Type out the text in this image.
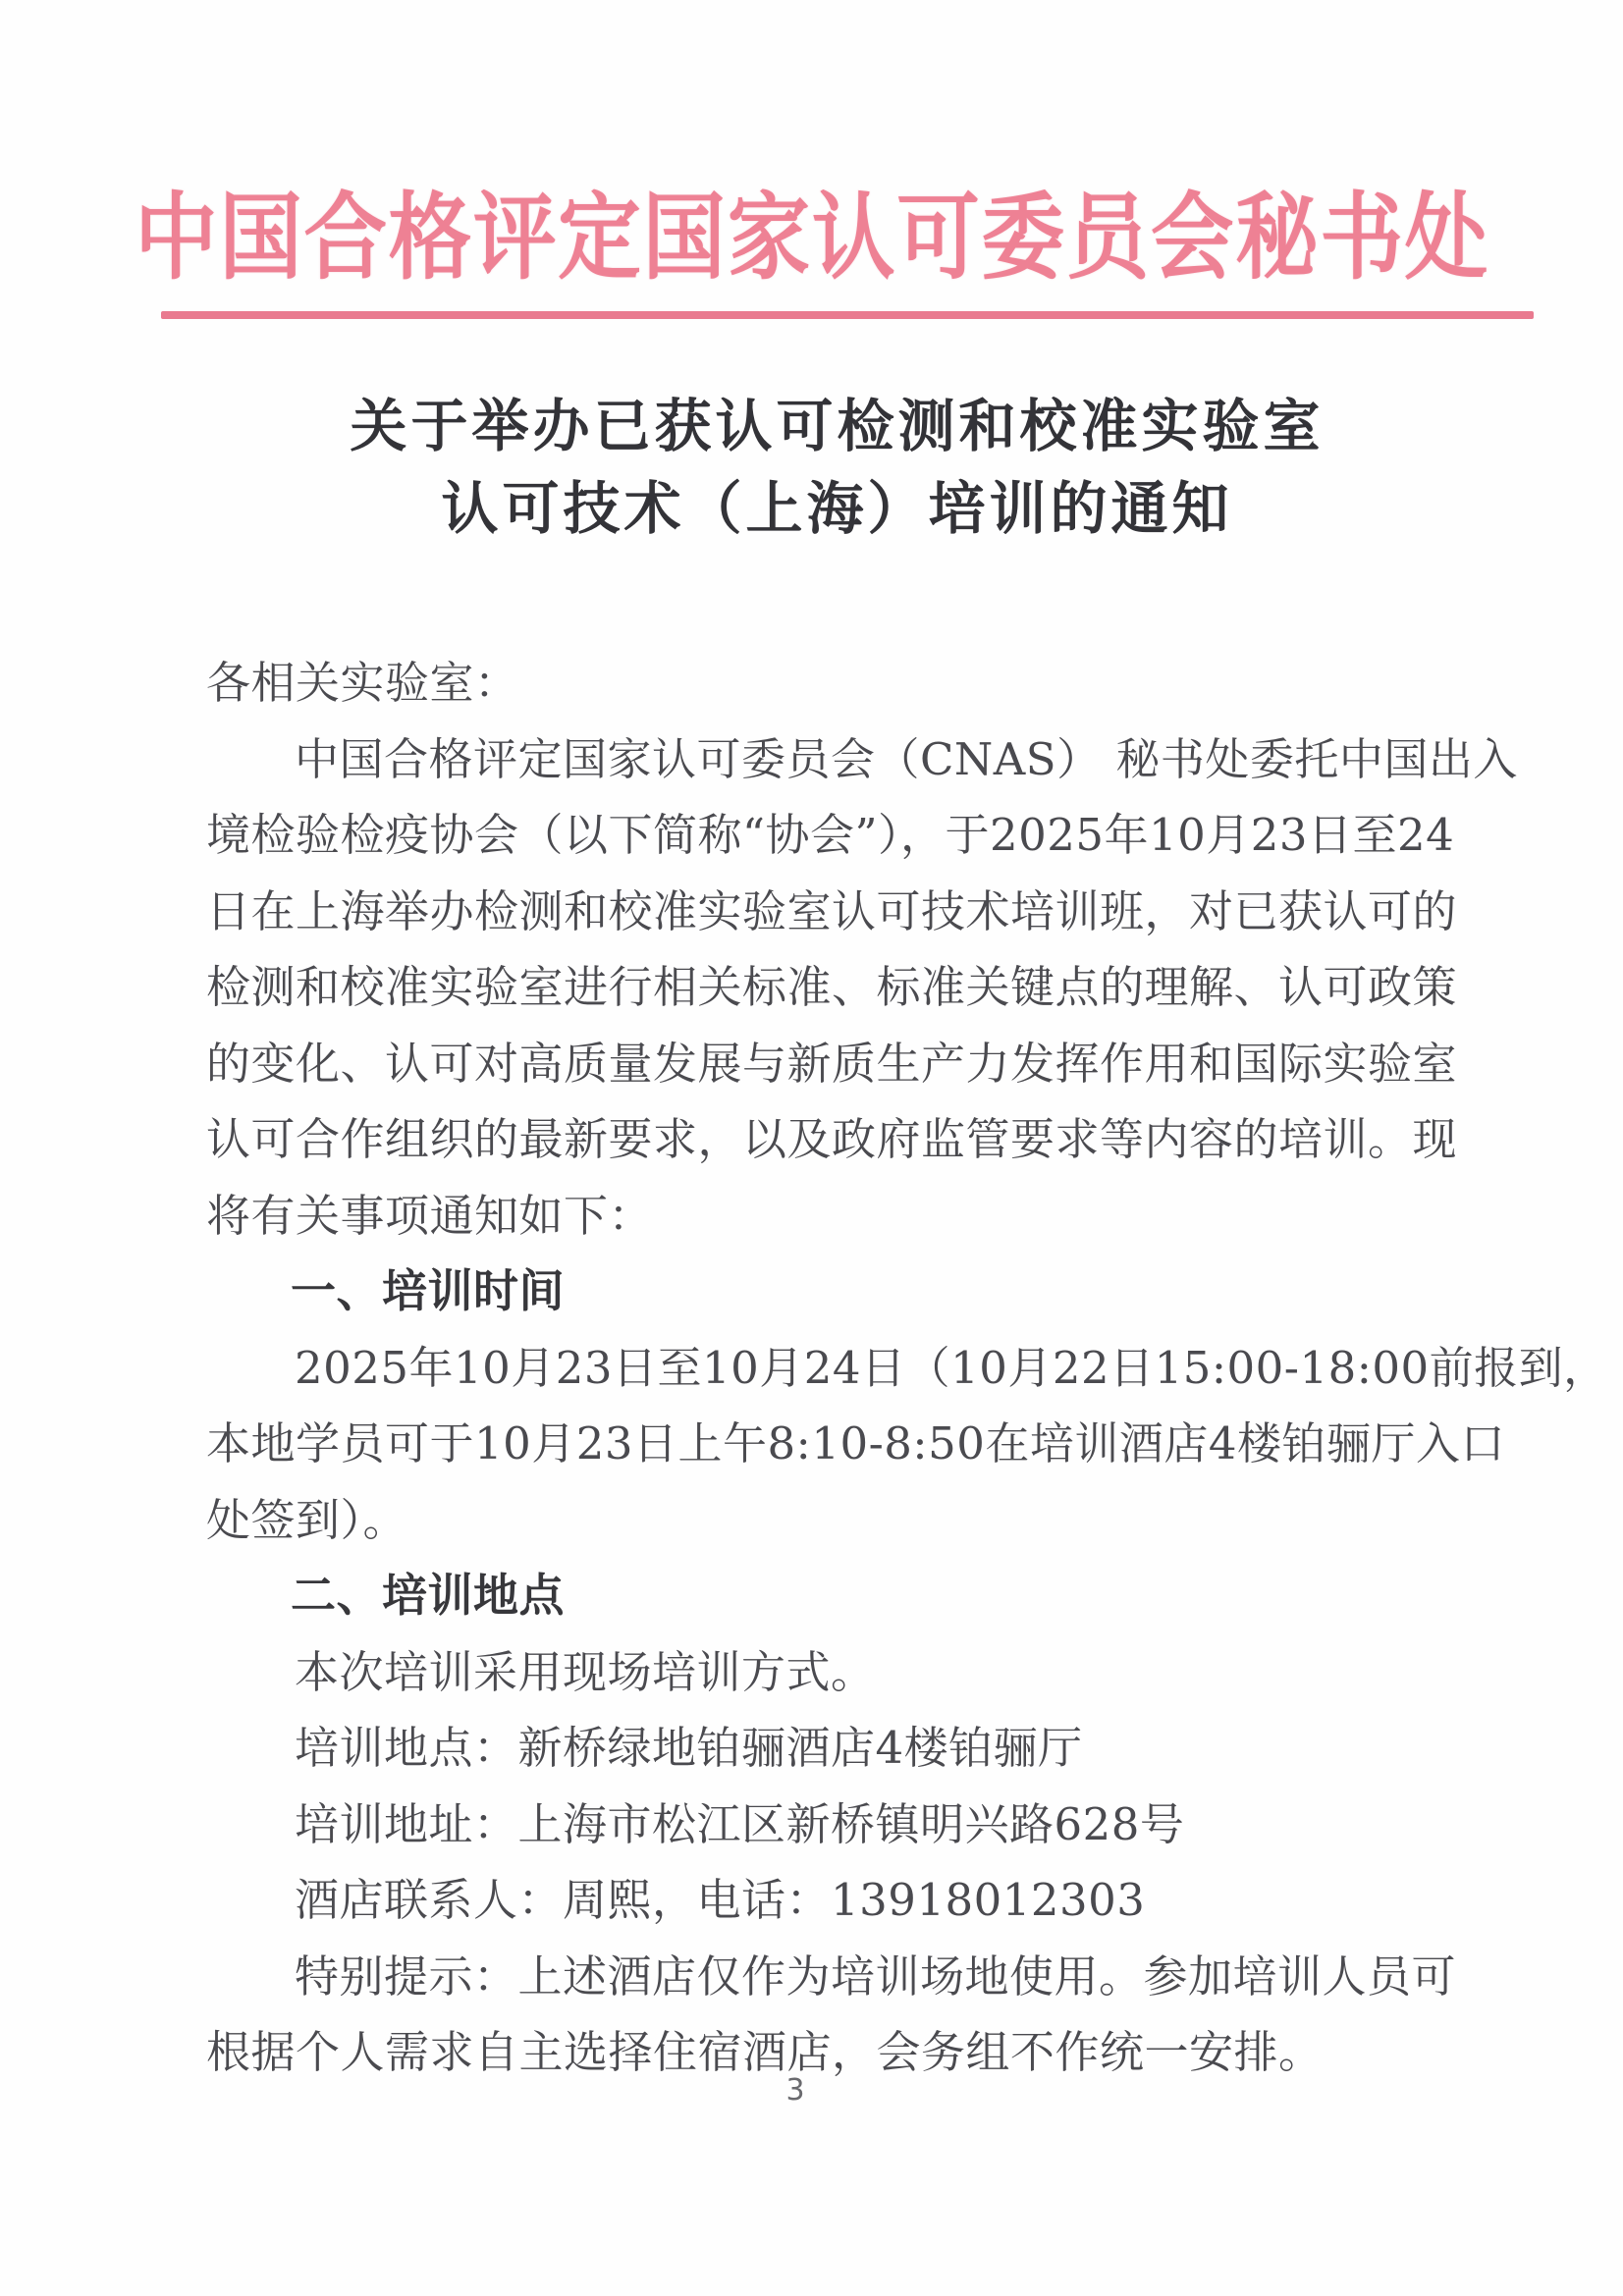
中国合格评定国家认可委员会秘书处
关于举办已获认可检测和校准实验室
认可技术（上海）培训的通知
各相关实验室：
中国合格评定国家认可委员会（CNAS） 秘书处委托中国出入
境检验检疫协会（以下简称“协会”），于2025年10月23日至24
日在上海举办检测和校准实验室认可技术培训班，对已获认可的
检测和校准实验室进行相关标准、标准关键点的理解、认可政策
的变化、认可对高质量发展与新质生产力发挥作用和国际实验室
认可合作组织的最新要求，以及政府监管要求等内容的培训。现
将有关事项通知如下：
一、培训时间
2025年10月23日至10月24日（10月22日15:00-18:00前报到，
本地学员可于10月23日上午8:10-8:50在培训酒店4楼铂骊厅入口
处签到）。
二、培训地点
本次培训采用现场培训方式。
培训地点：新桥绿地铂骊酒店4楼铂骊厅
培训地址：上海市松江区新桥镇明兴路628号
酒店联系人：周熙，电话：13918012303
特别提示：上述酒店仅作为培训场地使用。参加培训人员可
根据个人需求自主选择住宿酒店，会务组不作统一安排。
3
